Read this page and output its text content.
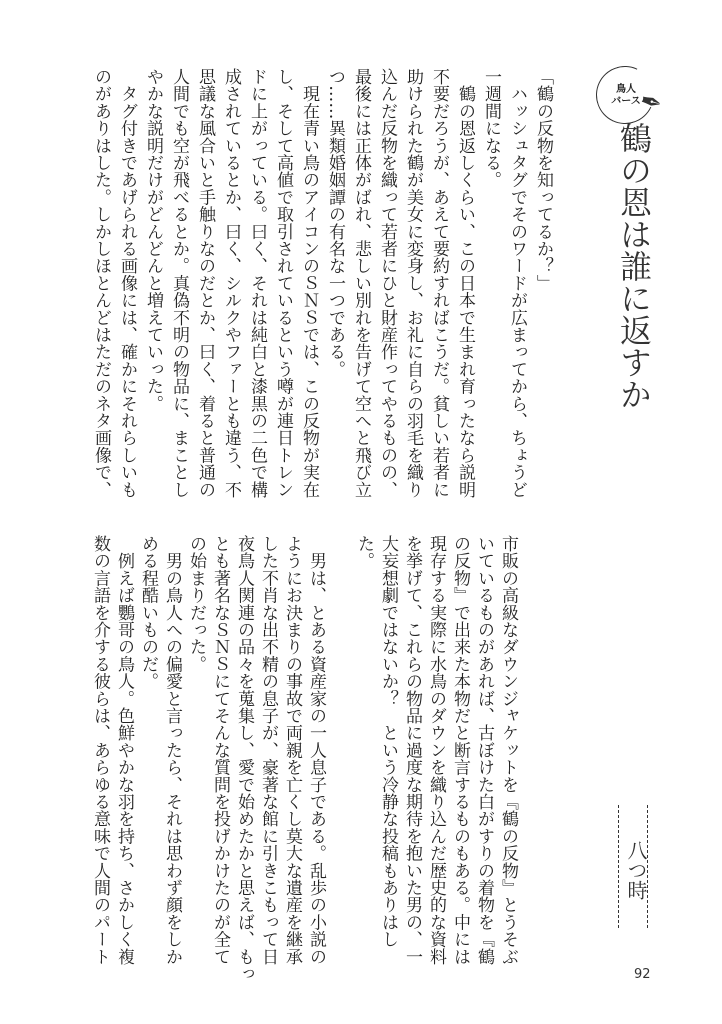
鳥人
バース
✒
鶴の恩は誰に返すか
「鶴の反物を知ってるか？」
　ハッシュタグでそのワードが広まってから、ちょうど
一週間になる。
　鶴の恩返しくらい、この日本で生まれ育ったなら説明
不要だろうが、あえて要約すればこうだ。貧しい若者に
助けられた鶴が美女に変身し、お礼に自らの羽毛を織り
込んだ反物を織って若者にひと財産作ってやるものの、
最後には正体がばれ、悲しい別れを告げて空へと飛び立
つ……異類婚姻譚の有名な一つである。
　現在青い鳥のアイコンのＳＮＳでは、この反物が実在
し、そして高値で取引されているという噂が連日トレン
ドに上がっている。曰く、それは純白と漆黒の二色で構
成されているとか、曰く、シルクやファーとも違う、不
思議な風合いと手触りなのだとか、曰く、着ると普通の
人間でも空が飛べるとか。真偽不明の物品に、まことし
やかな説明だけがどんどんと増えていった。
　タグ付きであげられる画像には、確かにそれらしいも
のがありはした。しかしほとんどはただのネタ画像で、
市販の高級なダウンジャケットを『鶴の反物』とうそぶ
いているものがあれば、古ぼけた白がすりの着物を『鶴
の反物』で出来た本物だと断言するものもある。中には
現存する実際に水鳥のダウンを織り込んだ歴史的な資料
を挙げて、これらの物品に過度な期待を抱いた男の、一
大妄想劇ではないか？　という冷静な投稿もありはし
た。

　男は、とある資産家の一人息子である。乱歩の小説の
ようにお決まりの事故で両親を亡くし莫大な遺産を継承
した不肖な出不精の息子が、豪著な館に引きこもって日
夜鳥人関連の品々を蒐集し、愛で始めたかと思えば、もっ
とも著名なＳＮＳにてそんな質問を投げかけたのが全て
の始まりだった。
　男の鳥人への偏愛と言ったら、それは思わず顔をしか
める程酷いものだ。
　例えば鸚哥の鳥人。色鮮やかな羽を持ち、さかしく複
数の言語を介する彼らは、あらゆる意味で人間のパート	八つ時
92
